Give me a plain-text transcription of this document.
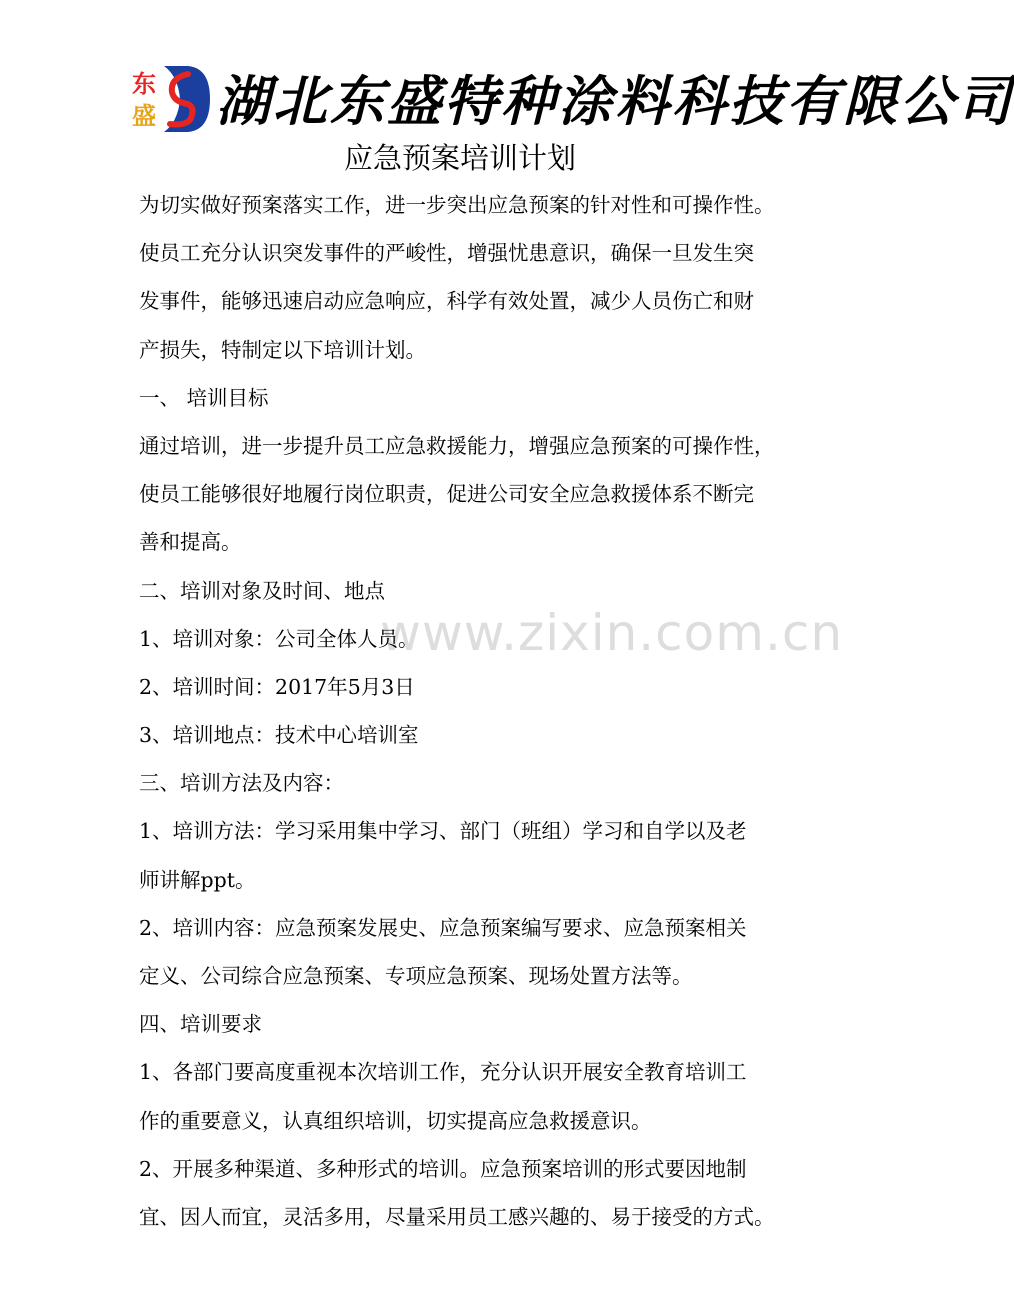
东
盛 湖北东盛特种涂料科技有限公司
应急预案培训计划
www.zixin.com.cn
为切实做好预案落实工作，进一步突出应急预案的针对性和可操作性。
使员工充分认识突发事件的严峻性，增强忧患意识，确保一旦发生突
发事件，能够迅速启动应急响应，科学有效处置，减少人员伤亡和财
产损失，特制定以下培训计划。
一、 培训目标
通过培训，进一步提升员工应急救援能力，增强应急预案的可操作性，
使员工能够很好地履行岗位职责，促进公司安全应急救援体系不断完
善和提高。
二、培训对象及时间、地点
1、培训对象：公司全体人员。
2、培训时间：2017年5月3日
3、培训地点：技术中心培训室
三、培训方法及内容：
1、培训方法：学习采用集中学习、部门（班组）学习和自学以及老
师讲解ppt。
2、培训内容：应急预案发展史、应急预案编写要求、应急预案相关
定义、公司综合应急预案、专项应急预案、现场处置方法等。
四、培训要求
1、各部门要高度重视本次培训工作，充分认识开展安全教育培训工
作的重要意义，认真组织培训，切实提高应急救援意识。
2、开展多种渠道、多种形式的培训。应急预案培训的形式要因地制
宜、因人而宜，灵活多用，尽量采用员工感兴趣的、易于接受的方式。
